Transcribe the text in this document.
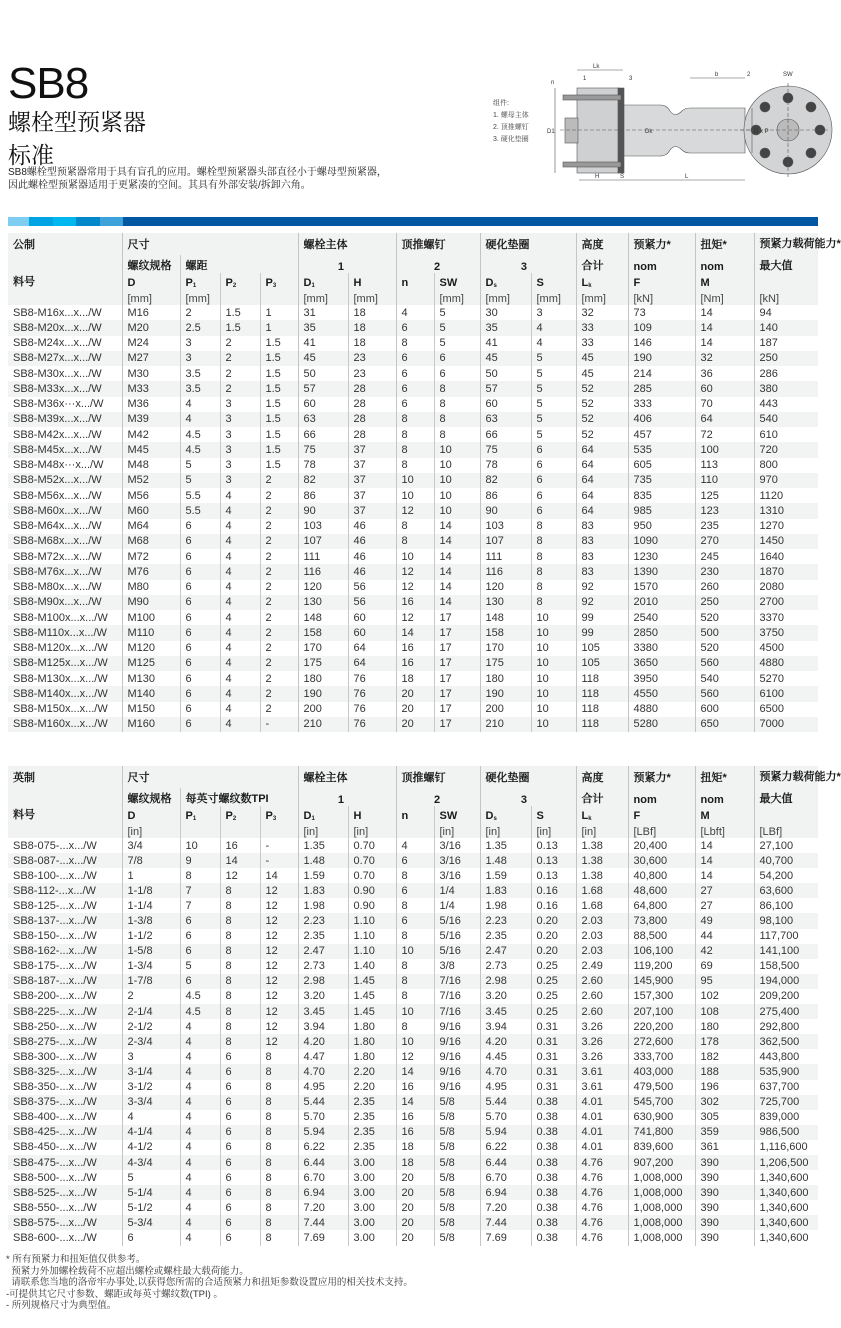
SB8
螺栓型预紧器
标准
SB8螺栓型预紧器常用于具有盲孔的应用。螺栓型预紧器头部直径小于螺母型预紧器，
因此螺栓型预紧器适用于更紧凑的空间。其具有外部安装/拆卸六角。
组件:
1. 螺母主体
2. 顶推螺钉
3. 硬化垫圈
Lk
b
n
1	3
2	SW
D1	Dk	D x P
H	S	L
公制	尺寸				螺栓主体		顶推螺钉		硬化垫圈		高度	预紧力*	扭矩*	预紧力载荷能力*
	螺纹规格	螺距			1			2	3		合计	nom	nom	最大值
料号	D	$P_1$	$P_2$	$P_3$	$D_1$	H	n	SW	$D_s$	S	$L_k$	F	M	
	[mm]	[mm]			[mm]	[mm]		[mm]	[mm]	[mm]	[mm]	[kN]	[Nm]	[kN]
SB8-M16x...x.../W	M16	2	1.5	1	31	18	4	5	30	3	32	73	14	94
SB8-M20x...x.../W	M20	2.5	1.5	1	35	18	6	5	35	4	33	109	14	140
SB8-M24x...x.../W	M24	3	2	1.5	41	18	8	5	41	4	33	146	14	187
SB8-M27x...x.../W	M27	3	2	1.5	45	23	6	6	45	5	45	190	32	250
SB8-M30x...x.../W	M30	3.5	2	1.5	50	23	6	6	50	5	45	214	36	286
SB8-M33x...x.../W	M33	3.5	2	1.5	57	28	6	8	57	5	52	285	60	380
SB8-M36x···x.../W	M36	4	3	1.5	60	28	6	8	60	5	52	333	70	443
SB8-M39x...x.../W	M39	4	3	1.5	63	28	8	8	63	5	52	406	64	540
SB8-M42x...x.../W	M42	4.5	3	1.5	66	28	8	8	66	5	52	457	72	610
SB8-M45x...x.../W	M45	4.5	3	1.5	75	37	8	10	75	6	64	535	100	720
SB8-M48x···x.../W	M48	5	3	1.5	78	37	8	10	78	6	64	605	113	800
SB8-M52x...x.../W	M52	5	3	2	82	37	10	10	82	6	64	735	110	970
SB8-M56x...x.../W	M56	5.5	4	2	86	37	10	10	86	6	64	835	125	1120
SB8-M60x...x.../W	M60	5.5	4	2	90	37	12	10	90	6	64	985	123	1310
SB8-M64x...x.../W	M64	6	4	2	103	46	8	14	103	8	83	950	235	1270
SB8-M68x...x.../W	M68	6	4	2	107	46	8	14	107	8	83	1090	270	1450
SB8-M72x...x.../W	M72	6	4	2	111	46	10	14	111	8	83	1230	245	1640
SB8-M76x...x.../W	M76	6	4	2	116	46	12	14	116	8	83	1390	230	1870
SB8-M80x...x.../W	M80	6	4	2	120	56	12	14	120	8	92	1570	260	2080
SB8-M90x...x.../W	M90	6	4	2	130	56	16	14	130	8	92	2010	250	2700
SB8-M100x...x.../W	M100	6	4	2	148	60	12	17	148	10	99	2540	520	3370
SB8-M110x...x.../W	M110	6	4	2	158	60	14	17	158	10	99	2850	500	3750
SB8-M120x...x.../W	M120	6	4	2	170	64	16	17	170	10	105	3380	520	4500
SB8-M125x...x.../W	M125	6	4	2	175	64	16	17	175	10	105	3650	560	4880
SB8-M130x...x.../W	M130	6	4	2	180	76	18	17	180	10	118	3950	540	5270
SB8-M140x...x.../W	M140	6	4	2	190	76	20	17	190	10	118	4550	560	6100
SB8-M150x...x.../W	M150	6	4	2	200	76	20	17	200	10	118	4880	600	6500
SB8-M160x...x.../W	M160	6	4	-	210	76	20	17	210	10	118	5280	650	7000
英制	尺寸				螺栓主体		顶推螺钉		硬化垫圈		高度	预紧力*	扭矩*	预紧力载荷能力*
	螺纹规格	每英寸螺纹数TPI			1			2	3		合计	nom	nom	最大值
料号	D	$P_1$	$P_2$	$P_3$	$D_1$	H	n	SW	$D_s$	S	$L_k$	F	M	
	[in]				[in]	[in]		[in]	[in]	[in]	[in]	[LBf]	[Lbft]	[LBf]
SB8-075-...x.../W	3/4	10	16	-	1.35	0.70	4	3/16	1.35	0.13	1.38	20,400	14	27,100
SB8-087-...x.../W	7/8	9	14	-	1.48	0.70	6	3/16	1.48	0.13	1.38	30,600	14	40,700
SB8-100-...x.../W	1	8	12	14	1.59	0.70	8	3/16	1.59	0.13	1.38	40,800	14	54,200
SB8-112-...x.../W	1-1/8	7	8	12	1.83	0.90	6	1/4	1.83	0.16	1.68	48,600	27	63,600
SB8-125-...x.../W	1-1/4	7	8	12	1.98	0.90	8	1/4	1.98	0.16	1.68	64,800	27	86,100
SB8-137-...x.../W	1-3/8	6	8	12	2.23	1.10	6	5/16	2.23	0.20	2.03	73,800	49	98,100
SB8-150-...x.../W	1-1/2	6	8	12	2.35	1.10	8	5/16	2.35	0.20	2.03	88,500	44	117,700
SB8-162-...x.../W	1-5/8	6	8	12	2.47	1.10	10	5/16	2.47	0.20	2.03	106,100	42	141,100
SB8-175-...x.../W	1-3/4	5	8	12	2.73	1.40	8	3/8	2.73	0.25	2.49	119,200	69	158,500
SB8-187-...x.../W	1-7/8	6	8	12	2.98	1.45	8	7/16	2.98	0.25	2.60	145,900	95	194,000
SB8-200-...x.../W	2	4.5	8	12	3.20	1.45	8	7/16	3.20	0.25	2.60	157,300	102	209,200
SB8-225-...x.../W	2-1/4	4.5	8	12	3.45	1.45	10	7/16	3.45	0.25	2.60	207,100	108	275,400
SB8-250-...x.../W	2-1/2	4	8	12	3.94	1.80	8	9/16	3.94	0.31	3.26	220,200	180	292,800
SB8-275-...x.../W	2-3/4	4	8	12	4.20	1.80	10	9/16	4.20	0.31	3.26	272,600	178	362,500
SB8-300-...x.../W	3	4	6	8	4.47	1.80	12	9/16	4.45	0.31	3.26	333,700	182	443,800
SB8-325-...x.../W	3-1/4	4	6	8	4.70	2.20	14	9/16	4.70	0.31	3.61	403,000	188	535,900
SB8-350-...x.../W	3-1/2	4	6	8	4.95	2.20	16	9/16	4.95	0.31	3.61	479,500	196	637,700
SB8-375-...x.../W	3-3/4	4	6	8	5.44	2.35	14	5/8	5.44	0.38	4.01	545,700	302	725,700
SB8-400-...x.../W	4	4	6	8	5.70	2.35	16	5/8	5.70	0.38	4.01	630,900	305	839,000
SB8-425-...x.../W	4-1/4	4	6	8	5.94	2.35	16	5/8	5.94	0.38	4.01	741,800	359	986,500
SB8-450-...x.../W	4-1/2	4	6	8	6.22	2.35	18	5/8	6.22	0.38	4.01	839,600	361	1,116,600
SB8-475-...x.../W	4-3/4	4	6	8	6.44	3.00	18	5/8	6.44	0.38	4.76	907,200	390	1,206,500
SB8-500-...x.../W	5	4	6	8	6.70	3.00	20	5/8	6.70	0.38	4.76	1,008,000	390	1,340,600
SB8-525-...x.../W	5-1/4	4	6	8	6.94	3.00	20	5/8	6.94	0.38	4.76	1,008,000	390	1,340,600
SB8-550-...x.../W	5-1/2	4	6	8	7.20	3.00	20	5/8	7.20	0.38	4.76	1,008,000	390	1,340,600
SB8-575-...x.../W	5-3/4	4	6	8	7.44	3.00	20	5/8	7.44	0.38	4.76	1,008,000	390	1,340,600
SB8-600-...x.../W	6	4	6	8	7.69	3.00	20	5/8	7.69	0.38	4.76	1,008,000	390	1,340,600
* 所有预紧力和扭矩值仅供参考。
预紧力外加螺栓载荷不应超出螺栓或螺柱最大载荷能力。
请联系您当地的洛帝牢办事处,以获得您所需的合适预紧力和扭矩参数设置应用的相关技术支持。
-可提供其它尺寸参数、螺距或每英寸螺纹数(TPI) 。
- 所列规格尺寸为典型值。
